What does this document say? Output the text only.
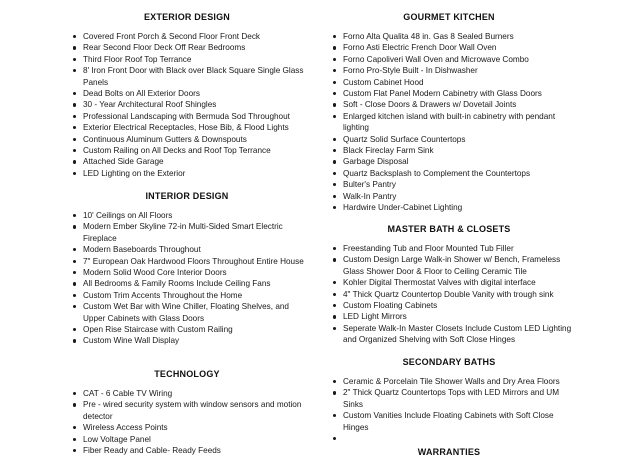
EXTERIOR DESIGN
Covered Front Porch & Second Floor Front Deck
Rear Second Floor Deck Off Rear Bedrooms
Third Floor Roof Top Terrance
8' Iron Front Door with Black over Black Square Single Glass Panels
Dead Bolts on All Exterior Doors
30 - Year Architectural Roof Shingles
Professional Landscaping with Bermuda Sod Throughout
Exterior Electrical Receptacles, Hose Bib, & Flood Lights
Continuous Aluminum Gutters & Downspouts
Custom Railing on All Decks and Roof Top Terrance
Attached Side Garage
LED Lighting on the Exterior
INTERIOR DESIGN
10' Ceilings on All Floors
Modern Ember Skyline 72-in Multi-Sided Smart Electric Fireplace
Modern Baseboards Throughout
7" European Oak Hardwood Floors Throughout Entire House
Modern Solid Wood Core Interior Doors
All Bedrooms & Family Rooms Include Ceiling Fans
Custom Trim Accents Throughout the Home
Custom Wet Bar with Wine Chiller, Floating Shelves, and Upper Cabinets with Glass Doors
Open Rise Staircase with Custom Railing
Custom Wine Wall Display
TECHNOLOGY
CAT - 6 Cable TV Wiring
Pre - wired security system with window sensors and motion detector
Wireless Access Points
Low Voltage Panel
Fiber Ready and Cable- Ready Feeds
GOURMET KITCHEN
Forno Alta Qualita 48 in. Gas 8 Sealed Burners
Forno Asti Electric French Door Wall Oven
Forno Capoliveri Wall Oven and Microwave Combo
Forno Pro-Style Built - In Dishwasher
Custom Cabinet Hood
Custom Flat Panel Modern Cabinetry with Glass Doors
Soft - Close Doors & Drawers w/ Dovetail Joints
Enlarged kitchen island with built-in cabinetry with pendant lighting
Quartz Solid Surface Countertops
Black Fireclay Farm Sink
Garbage Disposal
Quartz Backsplash to Complement the Countertops
Bulter's Pantry
Walk-In Pantry
Hardwire Under-Cabinet Lighting
MASTER BATH & CLOSETS
Freestanding Tub and Floor Mounted Tub Filler
Custom Design Large Walk-in Shower w/ Bench, Frameless Glass Shower Door & Floor to Ceiling Ceramic Tile
Kohler Digital Thermostat Valves with digital interface
4" Thick Quartz Countertop Double Vanity with trough sink
Custom Floating Cabinets
LED Light Mirrors
Seperate Walk-In Master Closets Include Custom LED Lighting and Organized Shelving with Soft Close Hinges
SECONDARY BATHS
Ceramic & Porcelain Tile Shower Walls and Dry Area Floors
2" Thick Quartz Countertops Tops with LED Mirrors and UM Sinks
Custom Vanities Include Floating Cabinets with Soft Close Hinges
WARRANTIES
